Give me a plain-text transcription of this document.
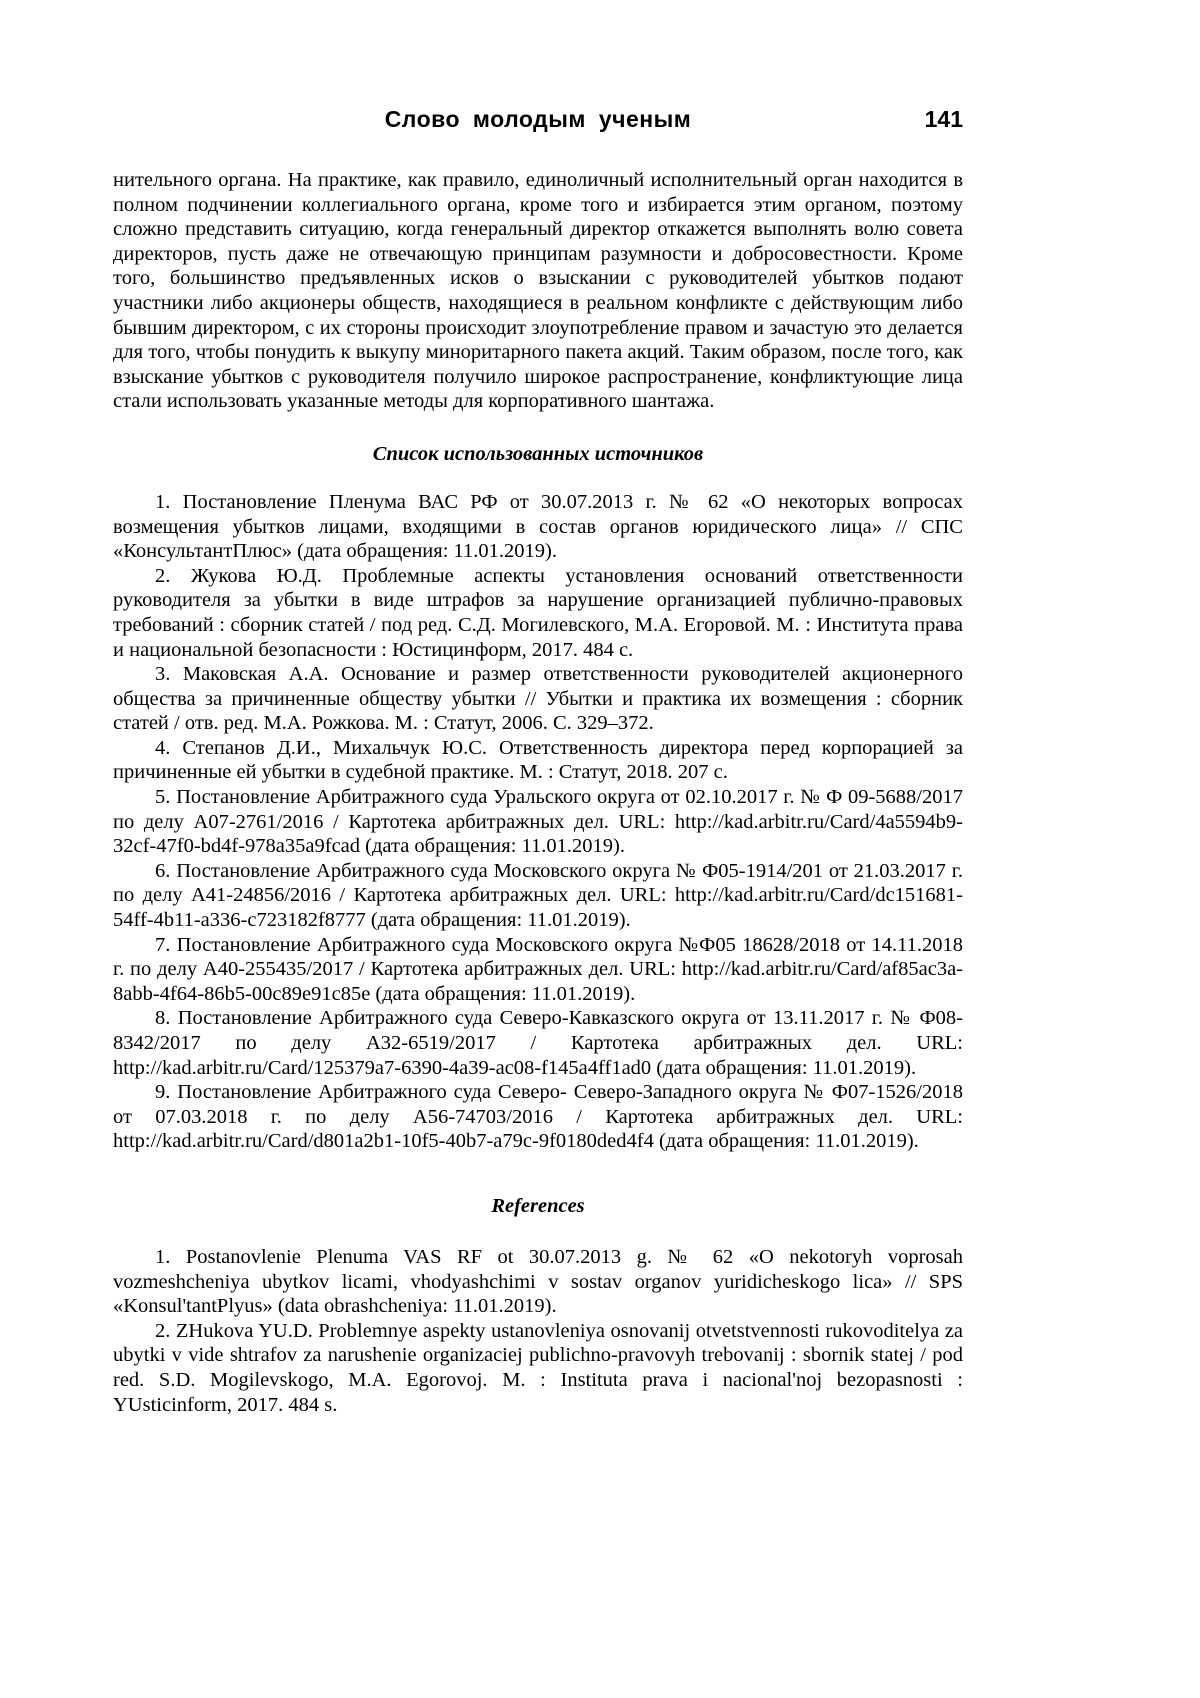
Слово молодым ученым	141

нительного органа. На практике, как правило, единоличный исполнительный орган находится в полном подчинении коллегиального органа, кроме того и избирается этим органом, поэтому сложно представить ситуацию, когда генеральный директор откажется выполнять волю совета директоров, пусть даже не отвечающую принципам разумности и добросовестности. Кроме того, большинство предъявленных исков о взыскании с руководителей убытков подают участники либо акционеры обществ, находящиеся в реальном конфликте с действующим либо бывшим директором, с их стороны происходит злоупотребление правом и зачастую это делается для того, чтобы понудить к выкупу миноритарного пакета акций. Таким образом, после того, как взыскание убытков с руководителя получило широкое распространение, конфликтующие лица стали использовать указанные методы для корпоративного шантажа.

Список использованных источников

1. Постановление Пленума ВАС РФ от 30.07.2013 г. № 62 «О некоторых вопросах возмещения убытков лицами, входящими в состав органов юридического лица» // СПС «КонсультантПлюс» (дата обращения: 11.01.2019).

2. Жукова Ю.Д. Проблемные аспекты установления оснований ответственности руководителя за убытки в виде штрафов за нарушение организацией публично-правовых требований : сборник статей / под ред. С.Д. Могилевского, М.А. Егоровой. М. : Института права и национальной безопасности : Юстицинформ, 2017. 484 с.

3. Маковская А.А. Основание и размер ответственности руководителей акционерного общества за причиненные обществу убытки // Убытки и практика их возмещения : сборник статей / отв. ред. М.А. Рожкова. М. : Статут, 2006. С. 329–372.

4. Степанов Д.И., Михальчук Ю.С. Ответственность директора перед корпорацией за причиненные ей убытки в судебной практике. М. : Статут, 2018. 207 с.

5. Постановление Арбитражного суда Уральского округа от 02.10.2017 г. № Ф 09-5688/2017 по делу А07-2761/2016 / Картотека арбитражных дел. URL: http://kad.arbitr.ru/Card/4a5594b9-32cf-47f0-bd4f-978a35a9fcad (дата обращения: 11.01.2019).

6. Постановление Арбитражного суда Московского округа № Ф05-1914/201 от 21.03.2017 г. по делу А41-24856/2016 / Картотека арбитражных дел. URL: http://kad.arbitr.ru/Card/dc151681-54ff-4b11-a336-c723182f8777 (дата обращения: 11.01.2019).

7. Постановление Арбитражного суда Московского округа №Ф05 18628/2018 от 14.11.2018 г. по делу А40-255435/2017 / Картотека арбитражных дел. URL: http://kad.arbitr.ru/Card/af85ac3a-8abb-4f64-86b5-00c89e91c85e (дата обращения: 11.01.2019).

8. Постановление Арбитражного суда Северо-Кавказского округа от 13.11.2017 г. № Ф08-8342/2017 по делу А32-6519/2017 / Картотека арбитражных дел. URL: http://kad.arbitr.ru/Card/125379a7-6390-4a39-ac08-f145a4ff1ad0 (дата обращения: 11.01.2019).

9. Постановление Арбитражного суда Северо- Северо-Западного округа № Ф07-1526/2018 от 07.03.2018 г. по делу А56-74703/2016 / Картотека арбитражных дел. URL: http://kad.arbitr.ru/Card/d801a2b1-10f5-40b7-a79c-9f0180ded4f4 (дата обращения: 11.01.2019).

References

1. Postanovlenie Plenuma VAS RF ot 30.07.2013 g. № 62 «O nekotoryh voprosah vozmeshcheniya ubytkov licami, vhodyashchimi v sostav organov yuridicheskogo lica» // SPS «Konsul'tantPlyus» (data obrashcheniya: 11.01.2019).

2. ZHukova YU.D. Problemnye aspekty ustanovleniya osnovanij otvetstvennosti rukovoditelya za ubytki v vide shtrafov za narushenie organizaciej publichno-pravovyh trebovanij : sbornik statej / pod red. S.D. Mogilevskogo, M.A. Egorovoj. M. : Instituta prava i nacional'noj bezopasnosti : YUsticinform, 2017. 484 s.
